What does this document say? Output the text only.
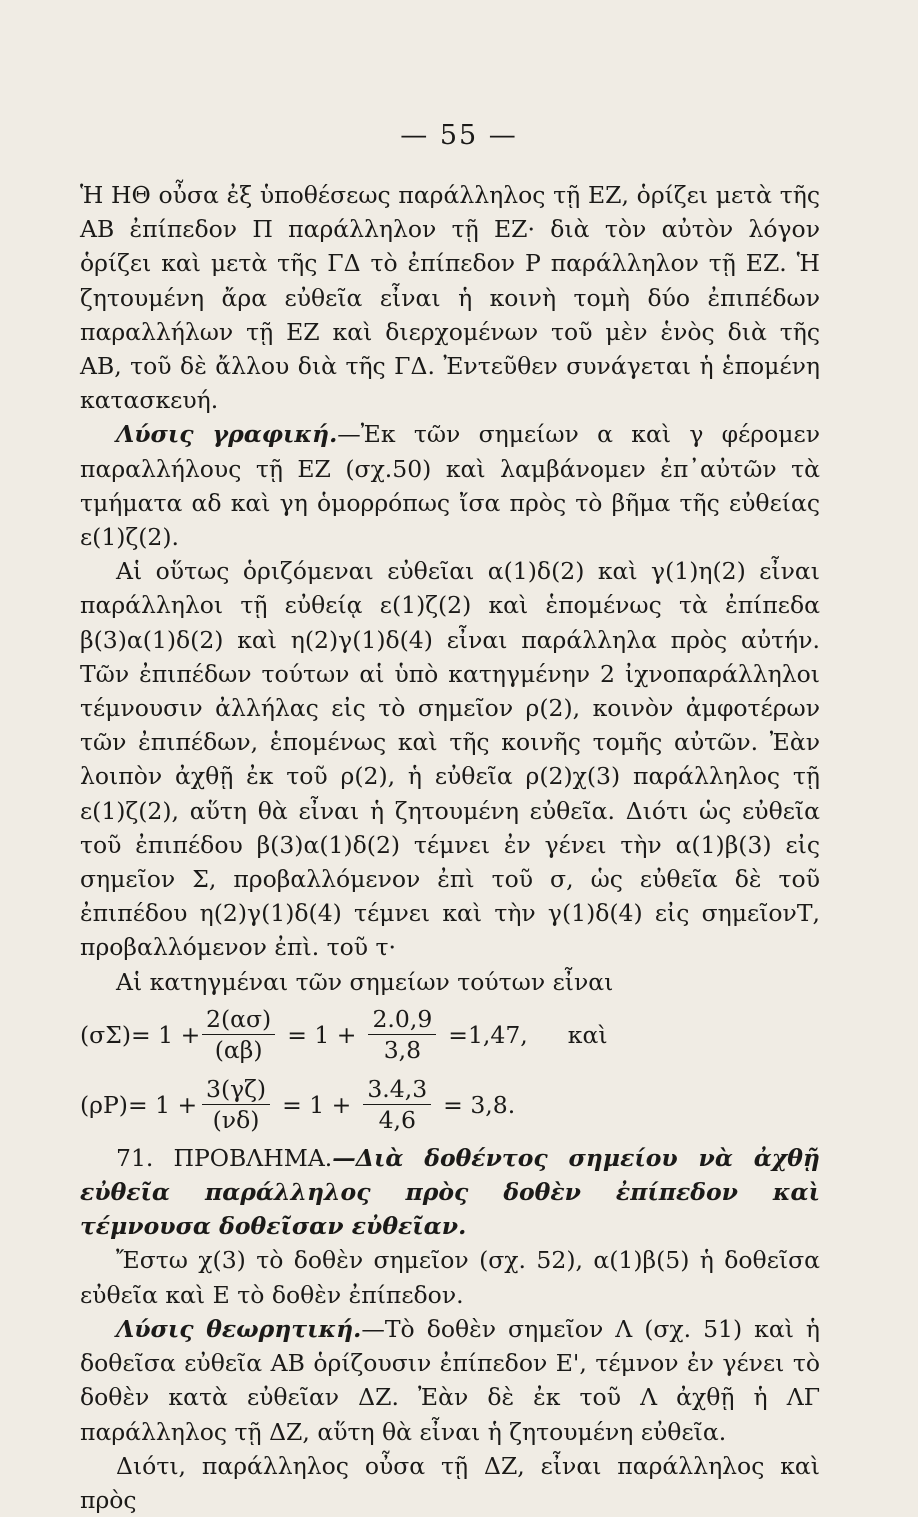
— 55 —

Ἡ ΗΘ οὖσα ἐξ ὑποθέσεως παράλληλος τῇ ΕΖ, ὁρίζει μετὰ τῆς ΑΒ ἐπίπεδον Π παράλληλον τῇ ΕΖ· διὰ τὸν αὐτὸν λόγον ὁρίζει καὶ μετὰ τῆς ΓΔ τὸ ἐπίπεδον Ρ παράλληλον τῇ ΕΖ. Ἡ ζητουμένη ἄρα εὐθεῖα εἶναι ἡ κοινὴ τομὴ δύο ἐπιπέδων παραλλήλων τῇ ΕΖ καὶ διερχομένων τοῦ μὲν ἑνὸς διὰ τῆς ΑΒ, τοῦ δὲ ἄλλου διὰ τῆς ΓΔ. Ἐντεῦθεν συνάγεται ἡ ἑπομένη κατασκευή.

Λύσις γραφική.—Ἐκ τῶν σημείων α καὶ γ φέρομεν παραλλήλους τῇ ΕΖ (σχ.50) καὶ λαμβάνομεν ἐπ᾽αὐτῶν τὰ τμήματα αδ καὶ γη ὁμορρόπως ἴσα πρὸς τὸ βῆμα τῆς εὐθείας ε(1)ζ(2).

Αἱ οὕτως ὁριζόμεναι εὐθεῖαι α(1)δ(2) καὶ γ(1)η(2) εἶναι παράλληλοι τῇ εὐθείᾳ ε(1)ζ(2) καὶ ἑπομένως τὰ ἐπίπεδα β(3)α(1)δ(2) καὶ η(2)γ(1)δ(4) εἶναι παράλληλα πρὸς αὐτήν. Τῶν ἐπιπέδων τούτων αἱ ὑπὸ κατηγμένην 2 ἰχνοπαράλληλοι τέμνουσιν ἀλλήλας εἰς τὸ σημεῖον ρ(2), κοινὸν ἀμφοτέρων τῶν ἐπιπέδων, ἑπομένως καὶ τῆς κοινῆς τομῆς αὐτῶν. Ἐὰν λοιπὸν ἀχθῇ ἐκ τοῦ ρ(2), ἡ εὐθεῖα ρ(2)χ(3) παράλληλος τῇ ε(1)ζ(2), αὕτη θὰ εἶναι ἡ ζητουμένη εὐθεῖα. Διότι ὡς εὐθεῖα τοῦ ἐπιπέδου β(3)α(1)δ(2) τέμνει ἐν γένει τὴν α(1)β(3) εἰς σημεῖον Σ, προβαλλόμενον ἐπὶ τοῦ σ, ὡς εὐθεῖα δὲ τοῦ ἐπιπέδου η(2)γ(1)δ(4) τέμνει καὶ τὴν γ(1)δ(4) εἰς σημεῖονΤ, προβαλλόμενον ἐπὶ. τοῦ τ·

Αἱ κατηγμέναι τῶν σημείων τούτων εἶναι

$(\sigma\Sigma)= 1 + \frac{2(\alpha\sigma)}{(\alpha\beta)} = 1 + \frac{2.0,9}{3,8} =1,47$, καὶ
$(\rho P)= 1 + \frac{3(\gamma\zeta)}{(\nu\delta)} = 1 + \frac{3.4,3}{4,6} = 3,8$.

71. ΠΡΟΒΛΗΜΑ.—Διὰ δοθέντος σημείου νὰ ἀχθῇ εὐθεῖα παράλληλος πρὸς δοθὲν ἐπίπεδον καὶ τέμνουσα δοθεῖσαν εὐθεῖαν.

Ἔστω χ(3) τὸ δοθὲν σημεῖον (σχ. 52), α(1)β(5) ἡ δοθεῖσα εὐθεῖα καὶ Ε τὸ δοθὲν ἐπίπεδον.

Λύσις θεωρητική.—Τὸ δοθὲν σημεῖον Λ (σχ. 51) καὶ ἡ δοθεῖσα εὐθεῖα ΑΒ ὁρίζουσιν ἐπίπεδον Ε', τέμνον ἐν γένει τὸ δοθὲν κατὰ εὐθεῖαν ΔΖ. Ἐὰν δὲ ἐκ τοῦ Λ ἀχθῇ ἡ ΛΓ παράλληλος τῇ ΔΖ, αὕτη θὰ εἶναι ἡ ζητουμένη εὐθεῖα.

Διότι, παράλληλος οὖσα τῇ ΔΖ, εἶναι παράλληλος καὶ πρὸς
